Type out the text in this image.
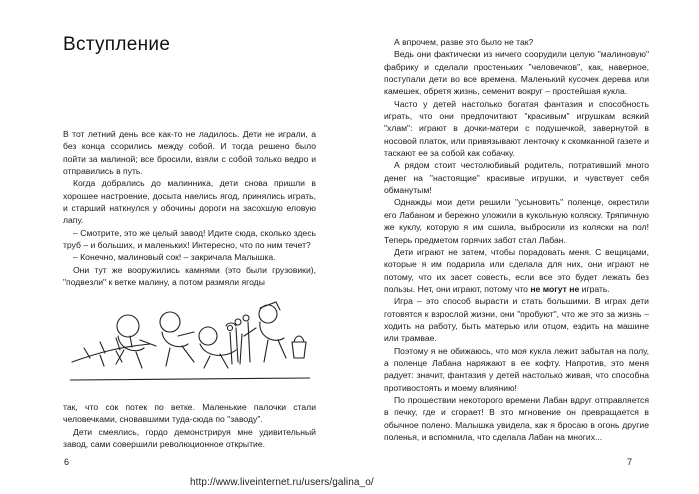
Вступление

В тот летний день все как-то не ладилось. Дети не играли, а без конца ссорились между собой. И тогда решено было пойти за малиной; все бросили, взяли с собой только ведро и отправились в путь.

Когда добрались до малинника, дети снова пришли в хорошее настроение, досыта наелись ягод, принялись играть, и старший наткнулся у обочины дороги на засохшую еловую лапу.

– Смотрите, это же целый завод! Идите сюда, сколько здесь труб – и больших, и маленьких! Интересно, что по ним течет?

– Конечно, малиновый сок! – закричала Малышка.

Они тут же вооружились камнями (это были грузовики), "подвезли" к ветке малину, а потом размяли ягоды

так, что сок потек по ветке. Маленькие палочки стали человечками, сновавшими туда-сюда по "заводу".

Дети смеялись, гордо демонстрируя мне удивительный завод, сами совершили революционное открытие.

6

А впрочем, разве это было не так?

Ведь они фактически из ничего соорудили целую "малиновую" фабрику и сделали простеньких "человечков", как, наверное, поступали дети во все времена. Маленький кусочек дерева или камешек, обретя жизнь, семенит вокруг – простейшая кукла.

Часто у детей настолько богатая фантазия и способность играть, что они предпочитают "красивым" игрушкам всякий "хлам": играют в дочки-матери с подушечкой, завернутой в носовой платок, или привязывают ленточку к скомканной газете и таскают ее за собой как собачку.

А рядом стоит честолюбивый родитель, потративший много денег на "настоящие" красивые игрушки, и чувствует себя обманутым!

Однажды мои дети решили "усыновить" поленце, окрестили его Лабаном и бережно уложили в кукольную коляску. Тряпичную же куклу, которую я им сшила, выбросили из коляски на пол! Теперь предметом горячих забот стал Лабан.

Дети играют не затем, чтобы порадовать меня. С вещицами, которые я им подарила или сделала для них, они играют не потому, что их засет совесть, если все это будет лежать без пользы. Нет, они играют, потому что не могут не играть.

Игра – это способ вырасти и стать большими. В играх дети готовятся к взрослой жизни, они "пробуют", что же это за жизнь – ходить на работу, быть матерью или отцом, ездить на машине или трамвае.

Поэтому я не обижаюсь, что моя кукла лежит забытая на полу, а поленце Лабана наряжают в ее кофту. Напротив, это меня радует: значит, фантазия у детей настолько живая, что способна противостоять и моему влиянию!

По прошествии некоторого времени Лабан вдруг отправляется в печку, где и сгорает! В это мгновение он превращается в обычное полено. Малышка увидела, как я бросаю в огонь другие поленья, и вспомнила, что сделала Лабан на многих...

7
http://www.liveinternet.ru/users/galina_o/
